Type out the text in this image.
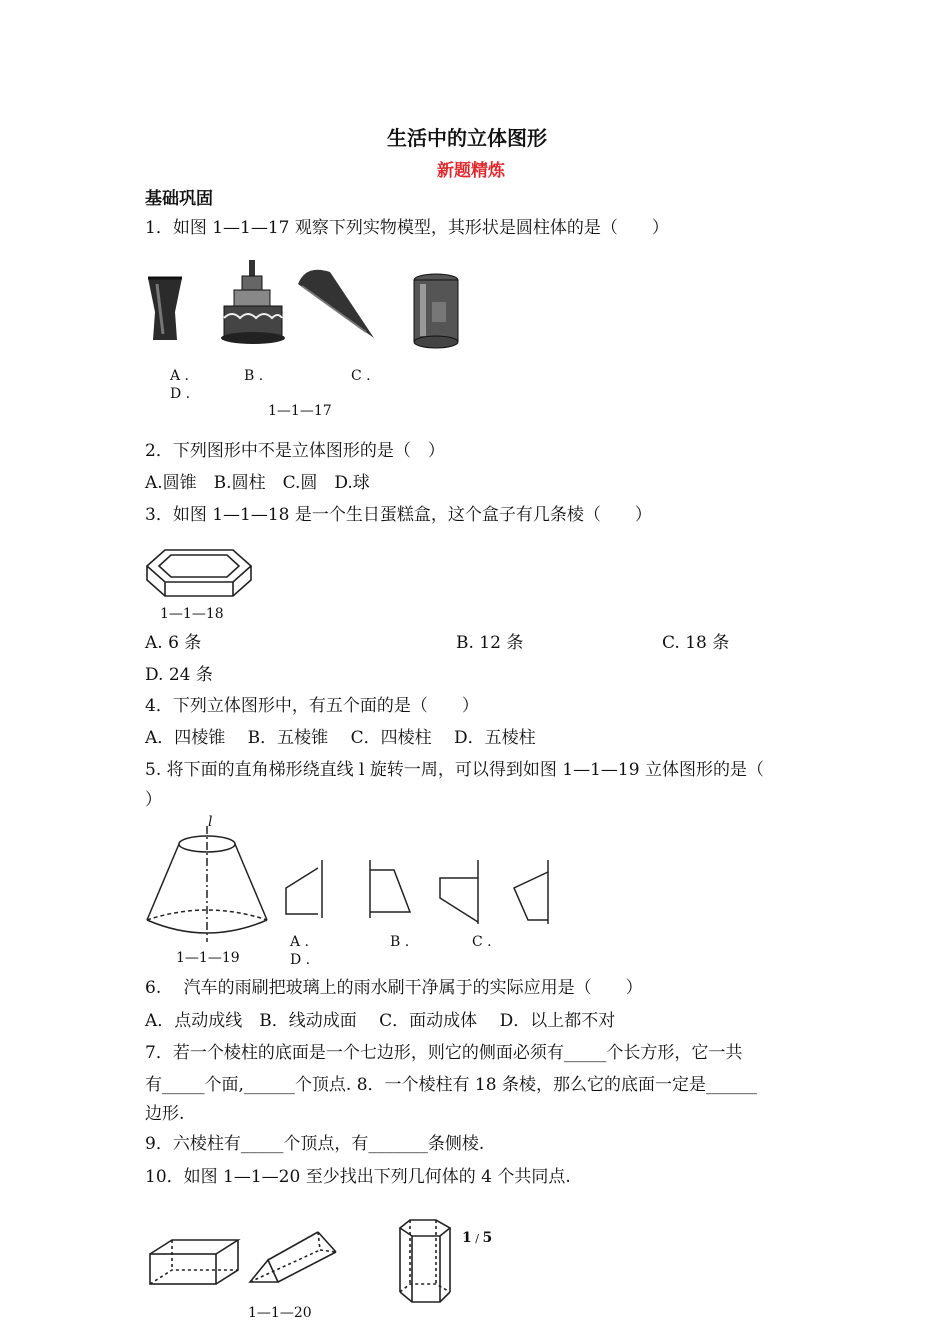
生活中的立体图形
新题精炼
基础巩固
1．如图 1—1—17 观察下列实物模型，其形状是圆柱体的是（　　）
A .	B .	C .
D .
1—1—17
2．下列图形中不是立体图形的是（　）
A.圆锥　B.圆柱　C.圆　D.球
3．如图 1—1—18 是一个生日蛋糕盒，这个盒子有几条棱（　　）
1—1—18
A. 6 条	B. 12 条	C. 18 条
D. 24 条
4．下列立体图形中，有五个面的是（　　）
A．四棱锥　 B．五棱锥　 C．四棱柱　 D．五棱柱
5. 将下面的直角梯形绕直线 l 旋转一周，可以得到如图 1—1—19 立体图形的是（
）
l
1—1—19
A .	B .	C .
D .
6.　 汽车的雨刷把玻璃上的雨水刷干净属于的实际应用是（　　）
A．点动成线　B．线动成面　 C．面动成体　 D．以上都不对
7．若一个棱柱的底面是一个七边形，则它的侧面必须有_____个长方形，它一共
有_____个面,______个顶点. 8．一个棱柱有 18 条棱，那么它的底面一定是______
边形.
9．六棱柱有_____个顶点，有_______条侧棱.
10．如图 1—1—20 至少找出下列几何体的 4 个共同点.
1—1—20
1 / 5
